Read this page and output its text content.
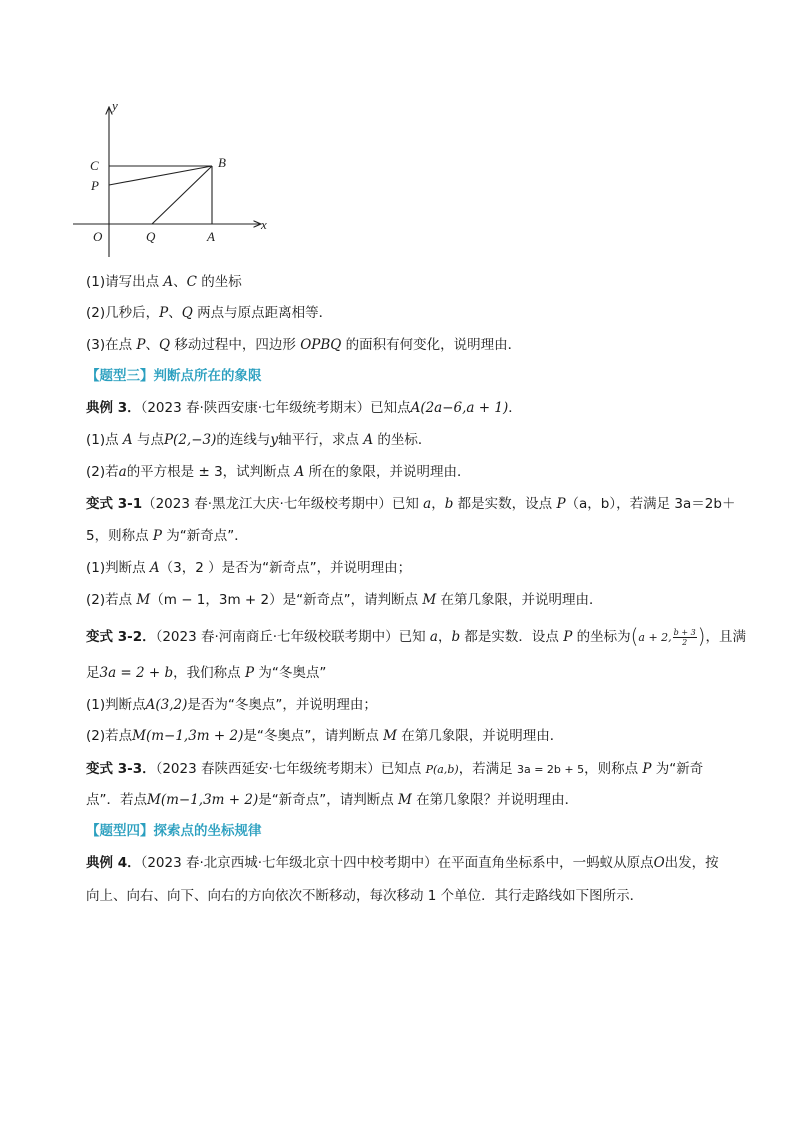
y
x
O	Q	A
C
P
B
(1)请写出点 A、C 的坐标
(2)几秒后，P、Q 两点与原点距离相等．
(3)在点 P、Q 移动过程中，四边形 OPBQ 的面积有何变化，说明理由．
【题型三】判断点所在的象限
典例 3．（2023 春·陕西安康·七年级统考期末）已知点A(2a−6,a + 1)．
(1)点 A 与点P(2,−3)的连线与y轴平行，求点 A 的坐标．
(2)若a的平方根是 ± 3，试判断点 A 所在的象限，并说明理由．
变式 3-1（2023 春·黑龙江大庆·七年级校考期中）已知 a，b 都是实数，设点 P（a，b），若满足 3a＝2b＋
5，则称点 P 为“新奇点”．
(1)判断点 A（3，2 ）是否为“新奇点”，并说明理由；
(2)若点 M（m − 1，3m + 2）是“新奇点”，请判断点 M 在第几象限，并说明理由．
变式 3-2．（2023 春·河南商丘·七年级校联考期中）已知 a，b 都是实数．设点 P 的坐标为(a + 2, $\frac{b + 3}{2}$ )，且满
足3a = 2 + b，我们称点 P 为“冬奥点”
(1)判断点A(3,2)是否为“冬奥点”，并说明理由；
(2)若点M(m−1,3m + 2)是“冬奥点”，请判断点 M 在第几象限，并说明理由．
变式 3-3．（2023 春陕西延安·七年级统考期末）已知点 P(a,b)，若满足 3a = 2b + 5，则称点 P 为“新奇
点”．若点M(m−1,3m + 2)是“新奇点”，请判断点 M 在第几象限？并说明理由．
【题型四】探索点的坐标规律
典例 4．（2023 春·北京西城·七年级北京十四中校考期中）在平面直角坐标系中，一蚂蚁从原点O出发，按
向上、向右、向下、向右的方向依次不断移动，每次移动 1 个单位．其行走路线如下图所示．
